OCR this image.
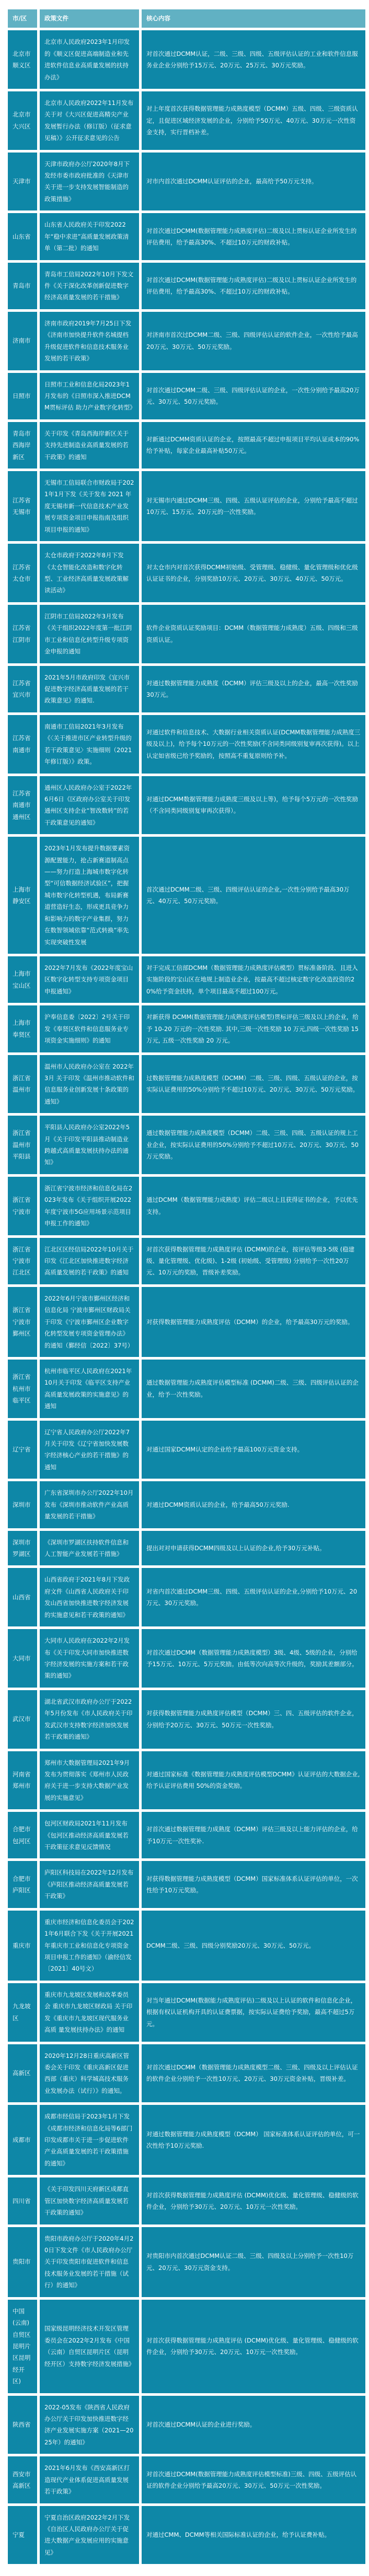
市/区	政策文件	核心内容
北京市顺义区	北京市人民政府2023年1月印发的《顺义区促进高端制造业和先进软件信息业高质量发展的扶持办法》	对首次通过DCMM认证，二级、三级、四级、五级评估认证的工业和软件信息服务业企业分别给予15万元、20万元、25万元、30万元奖励。
北京市大兴区	北京市人民政府2022年11月发布 关于对《大兴区促进高精尖产业发展暂行办法（修订版）（征求意见稿）》公开征求意见的公告	对上年度首次获得数据管理能力成熟度模型（DCMM）五级、四级、三级资质认定，且促进区域经济发展的企业，分别给予50万元、40万元、30万元一次性资金支持，实行晋档补差。
天津市	天津市政府办公厅2020年8月下发经市委市政府批准的《天津市关于进一步支持发展智能制造的政策措施》	对市内首次通过DCMM认证评估的企业，最高给予50万元支持。
山东省	山东省人民政府关于印发2022年“稳中求进”高质量发展政策清单（第二批）的通知	对首次通过DCMM(数据管理能力成熟度评估)二级及以上贯标认证企业所发生的评估费用，给予最高30%、不超过10万元的财政补贴。
青岛市	青岛市工信局2022年10月下发文件《关于深化改革创新促进数字经济高质量发展的若干措施》	对首次通过DCMM(数据管理能力成熟度评估)二级及以上贯标认证企业所发生的评估费用，给予最高30%、不超过10万元的财政补贴。
济南市	济南市政府2019年7月25日下发《济南市加快提升软件名城提档升级促进软件和信息技术服务业发展的若干政策》	对济南市首次过DCMM二级、三级、四级评估认证的软件企业，一次性给予最高20万元、30万元、50万元奖励。
日照市	日照市工业和信息化局2023年1月发布的《日照市深入推进DCMM贯标评估 助力产业数字化转型》	对首次通过DCMM二级、三级、四级评估认证的企业，一次性分别给予最高20万元、30万元、50万元奖励。
青岛市西海岸新区	关于印发《青岛西海岸新区关于支持先进制造业高质量发展的若干政策》的通知	对新通过DCMM资质认证的企业，按照最高不超过申报项目平均认证成本的90%给予补贴，每家企业最高补贴50万元。
江苏省无锡市	无锡市工信局联合市财政局于2021年1月下发《关于发布 2021 年度无锡市新一代信息技术产业发展专项资金项目申报指南及组织项目申报的通知》	对无锡市内通过DCMM三级、四级、五级认证评估的企业，分别给予最高不超过10万元、15万元、20万元的一次性奖励。
江苏省太仓市	太仓市政府于2022年8月下发《太仓智能化改造和数字化转型、工业经济高质量发展政策解读活动》	对太仓市内对首次获得DCMM初始级、受管理级、稳健级、量化管理级和优化级认证证书的企业，分别奖励10万元、20万元、30万元、40万元、50万元。
江苏省江阴市	江阴市工信局2022年3月发布《关于组织2022年度第一批江阴市工业和信息化转型升级专项资金申报的通知	软件企业资质认证奖励项目：DCMM（数据管理能力成熟度）五级、四级和三级资质认证。
江苏省宜兴市	2021年5月市政府印发《宜兴市促进数字经济高质量发展的若干政策意见》的通知.	对通过数据管理能力成熟度（DCMM）评估三级及以上的企业，最高一次性奖励30万元。
江苏省南通市	南通市工信局2021年3月发布《〈关于推进市区产业转型升级的若干政策意见〉实施细则（2021年修订版）》政策。	对通过软件和信息技术、大数据行业相关资质认证(DCMM数据管理能力成熟度三级及以上)，给予每个10万元的一次性奖励(不含同类同级别复审再次获得)。以上认定如省级已给予奖励的，按照高不重复原则给予补。
江苏省南通市通州区	通州区人民政府办公室于2022年6月6日《区政府办公室关于印发通州区支持企业“智改数转”的若干政策意见的通知》	对通过DCMM数据管理能力成熟度三级及以上等)，给予每个5万元的一次性奖励（不含同类同级别复审再次获得）。
上海市静安区	2023年1月发布提升数据要素资源配置能力，抢占新赛道制高点——努力打造上海城市数字化转型“可信数据经济试验区”，把握城市数字化转型机遇，布局新赛道营造好生态，形成更具竞争力和影响力的数字产业集群，努力在数智领域依靠“范式转换”率先实现突破性发展	首次通过DCMM二级、三级、四级评估认证的企业,一次性分别给予最高30万元、40万元、50万元奖励。
上海市宝山区	2022年7月发布《2022年度宝山区数字化转型支持专项资金项目申报通知》	对于完成工信部DCMM（数据管理能力成熟度评估模型）贯标准备阶段、且进入实施阶段的宝山区在地规上制造业企业，按最高不超过核定数字化改造投资的20%给予资金扶持，单个项目最高不超过100万元。
上海市奉贤区	沪奉信息委〔2022〕2号关于印发《奉贤区软件和信息服务业专项资金实施细则》的通知	对新获得 DCMM(数据管理能力成熟度评估模型)贯标评估三级及以上的企业，给予 10-20 万元的一次性奖励. 其中,三级一次性奖励 10 万元,四级一次性奖励 15 万元, 五级一次性奖励 20 万元。
浙江省温州市	温州市人民政府办公室在 2022年3月 关于印发《温州市推动软件和信息服务业创新发展十条政策的通知》	过数据管理能力成熟度模型（DCMM）二级、三级、四级、五级认证的企业，按实际认证费用的50%分别给予不超过10万元、20万元、30万元、50万元奖励。
浙江省温州市平阳县	平阳县人民政府办公室2022年5月《关于印发平阳县推动制造业跨越式高质量发展扶持办法的通知》	通过数据管理能力成熟度模型（DCMM）二级、三级、四级、五级认证的规上工业企业，按实际认证费用的50%分别给予不超过10万元、20万元、30万元、50万元奖励。
浙江省宁波市	浙江省宁波市经济和信息化局在2023年发布《关于组织开展2022年度宁波市5G应用场景示范项目申报工作的通知》	通过DCMM（数据管理能力成熟度）评估二级以上且获得证书的企业，予以优先支持。
浙江省宁波市江北区	江北区区经信局2022年10月关于印发《江北区加快推进数字经济高质量发展的若干政策》的通知	对首次获得数据管理能力成熟度评估 (DCMM)的企业，按评估等级3-5级 (稳建级、量化管理级、优化级)、1-2级 (初始级、受管理级) 分别给予一次性20万元、10万元的奖励，晋级补差奖励。
浙江省宁波市鄞州区	2022年6月宁波市鄞州区经济和信息化局 宁波市鄞州区财政局关于印发《宁波市鄞州区企业数字化转型发展专项资金管理办法》的通知（鄞经信〔2022〕37号）	对获得数据管理能力成熟度评估（DCMM）的企业，给予最高30万元的奖励。
浙江省杭州市临平区	杭州市临平区人民政府在2021年10月关于印发《临平区支持产业高质量发展政策的实施意见》的通知	通过数据管理能力成熟度评估模型标准 (DCMM)二级、三级、四级评估认证的企业，给予一次性奖励。
辽宁省	辽宁省人民政府办公厅2022年7月关于印发《辽宁省加快发展数字经济核心产业的若干措施》的通知	对通过国家DCMM认定的企业给予最高100万元资金支持。
深圳市	广东省深圳市办公厅2022年10月发布《深圳市推动软件产业高质量发展的若干措施》	对通过DCMM资质认证的企业，给予最高50万元奖励.
深圳市罗湖区	《深圳市罗湖区扶持软件信息和人工智能产业发展若干措施》	提出对对申请获得DCMM四级及以上认证的企业,给予30万元补贴。
山西省	山西省政府于2021年8月下发政府文件《山西省人民政府关于印发山西省加快推进数字经济发展的实施意见和若干政策的通知》	对省内首次通过DCMM三级、四级、五级评估认证的企业,分别给予10万元、20万元、30万元奖励。
大同市	大同市人民政府在2022年2月发布《关于印发大同市加快推进数字经济发展的实施方案和若干政策的通知》	对首次通过DCMM（数据管理能力成熟度模型）3级、4级、5级的企业，分别给予15万元、10万元、5万元奖励。由低等次向高等次升级的，奖励其差额部分。
武汉市	湖北省武汉市政府办公厅于2022年5月份发布《市人民政府关于印发武汉市支持数字经济加快发展若干政策的通知》	对获得数据管理能力成熟度评估模型（DCMM）三、四、五级评估的软件企业，分别给予20万元、30万元、50万元一次性奖励。
河南省郑州市	郑州市大数据管理局2021年9月发布为贯彻落实《郑州市人民政府关于进一步支持大数据产业发展的实施意见》	对通过国家标准《数据管理能力成熟度评估模型DCMM》认证评估的大数据企业,给予认证评估费用 50%的资金奖励。
合肥市包河区	包河区财政局2021年11月发布《包河区推动经济高质量发展若干政策征求意见反馈情况	对首次通过数据管理能力成熟度（DCMM）评估三级及以上能力评估的企业，给予10万元一次性奖补.
合肥市庐阳区	庐阳区科技局在2022年12月发布《庐阳区推动经济高质量发展若干政策》	对获得数据管理能力成熟度模型（DCMM）国家标准体系认证评估的单位，一次性给予10万元奖励。
重庆市	重庆市经济和信息化委员会于2021年6月联合下发《关于开展2021年重庆市工业和信息化专项资金项目申报工作的通知》（渝经信发〔2021〕40号文）	DCMM二级、三级、四级分别奖励20万元、30万元、50万元。
九龙坡区	重庆市九龙坡区发展和改革委员会 重庆市九龙坡区财政局 关于印发《重庆市九龙坡区现代服务业高质 量发展扶持办法》的通知	对当年通过DCMM(数据能力成熟度评估)二级及以上认证的软件和信息化企业，根据有权认证机构开具的认证费票据，按实际认证费给予奖励，最高不超过5万元。
高新区	2020年12月28日重庆高新区管委会关于印发《重庆高新区促进西部（重庆）科学城高技术服务业发展办法（试行）》的通知。	对首次通过DCMM（数据管理能力成熟度模型二级、三级、四级及以上评估认证的软件企业分别给予一次性10万元、20万元、30万元资金补贴，晋级补差。
成都市	成都市经信局于2023年1月下发《成都市经济和信息化局等6部门印发成都市关于进一步促进软件产业高质量发展的若干政策措施的通知》	对通过数据管理能力成熟度模型（DCMM） 国家标准体系认证评估的单位，可一次性给予10万元奖励.
四川省	《关于印发四川天府新区成都直管区加快数字经济高质量发展若干政策的通知》	对首次获得数据管理能力成熟度评估 (DCMM)优化级、量化管理级、稳健级的软件企业，分别给予30万元、20万元、10万元一次性奖励。
贵阳市	贵阳市政府办公厅于2020年4月20日下发文件《市人民政府办公厅关于印发贵阳市促进软件和信息技术服务业发展的若干措施（试行）的通知》	对贵阳市内首次通过DCMM认证二级、三级、四级及以上分别给予一次性10万元、20万元、30万元资金支持。
中国(云南)自贸区昆明片区昆明经开区)	国家级昆明经济技术开发区管理委员会在2022年2月发布《中国（云南）自贸区昆明片区（昆明经开区）支持数字经济发展措施》	对首次获得数据管理能力成熟度评估 (DCMM)优化级、量化管理级、稳健级的软件企业，分别给予30万元、20万元、10万元一次性奖励。
陕西省	2022-05发布《陕西省人民政府办公厅关于印发加快推进数字经济产业发展实施方案（2021—2025年）的通知》	对首次通过DCMM认证的企业进行奖励。
西安市高新区	2021年6月发布《西安高新区打造现代产业体系促进高质量发展若干政策》	对首次通过DCMM(数据管理能力成熟度评估模型标准)三级、四级、五级评估认证的软件企业分别给予最高20万元、30万元、50万元一次性奖励。
宁夏	宁夏自治区政府2022年2月下发《自治区人民政府办公厅关于促进大数据产业发展应用的实施意见》	对通过CMM、DCMM等相关国际标准认证的企业，给予认证费补贴。
